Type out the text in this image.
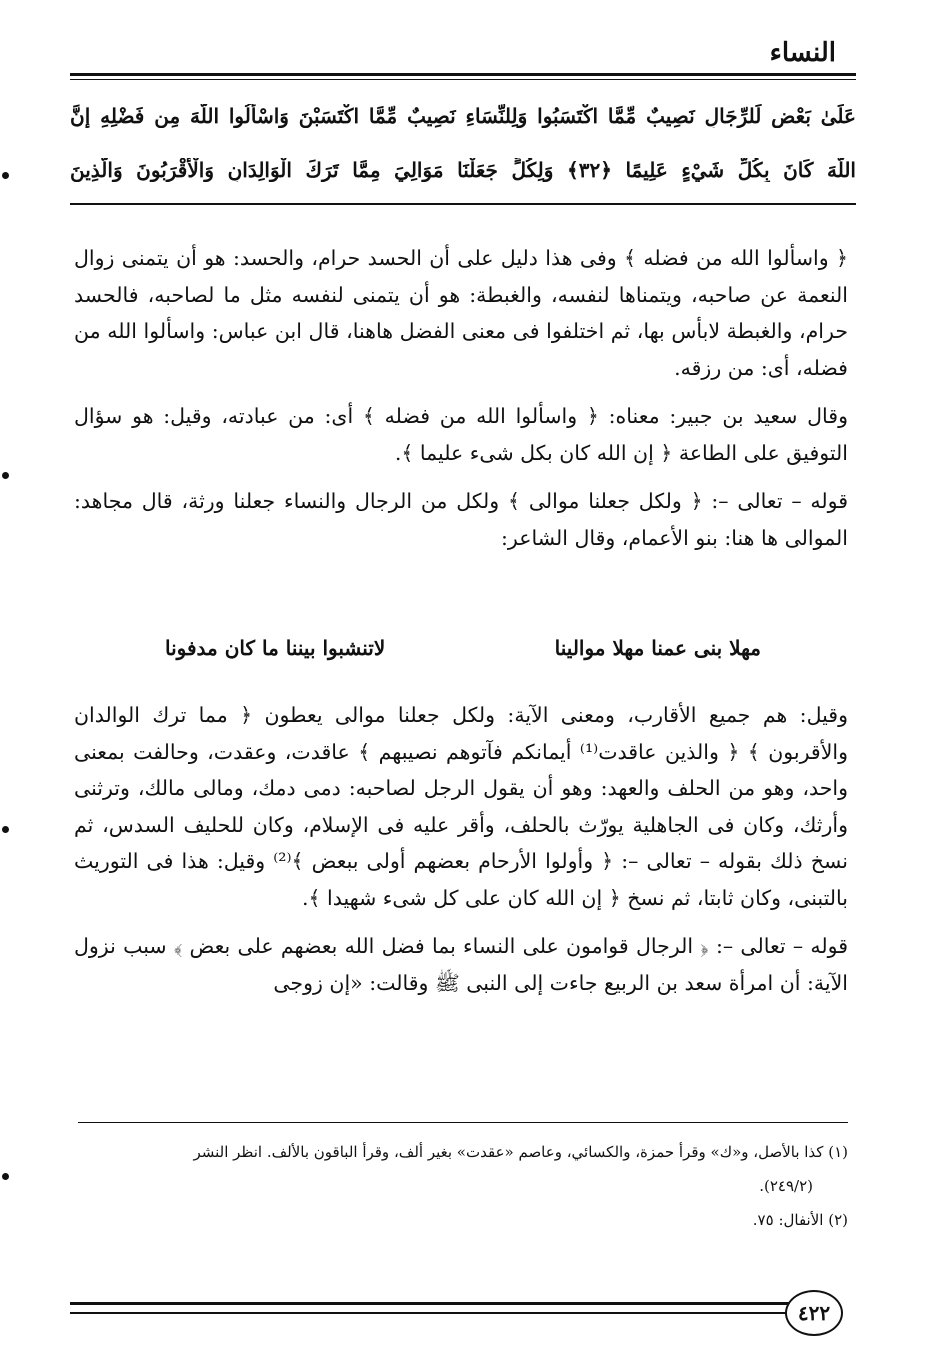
النساء
عَلَىٰ بَعْضٍ لِّلرِّجَالِ نَصِيبٌ مِّمَّا اكْتَسَبُوا وَلِلنِّسَاءِ نَصِيبٌ مِّمَّا اكْتَسَبْنَ وَاسْأَلُوا اللَّهَ مِن فَضْلِهِ إِنَّ
اللَّهَ كَانَ بِكُلِّ شَيْءٍ عَلِيمًا ﴿٣٢﴾ وَلِكُلٍّ جَعَلْنَا مَوَالِيَ مِمَّا تَرَكَ الْوَالِدَانِ وَالْأَقْرَبُونَ وَالَّذِينَ

﴿ واسألوا الله من فضله ﴾ وفى هذا دليل على أن الحسد حرام، والحسد: هو أن يتمنى زوال النعمة عن صاحبه، ويتمناها لنفسه، والغبطة: هو أن يتمنى لنفسه مثل ما لصاحبه، فالحسد حرام، والغبطة لابأس بها، ثم اختلفوا فى معنى الفضل هاهنا، قال ابن عباس: واسألوا الله من فضله، أى: من رزقه.

وقال سعيد بن جبير: معناه: ﴿ واسألوا الله من فضله ﴾ أى: من عبادته، وقيل: هو سؤال التوفيق على الطاعة ﴿ إن الله كان بكل شىء عليما ﴾.

قوله – تعالى –: ﴿ ولكل جعلنا موالى ﴾ ولكل من الرجال والنساء جعلنا ورثة، قال مجاهد: الموالى ها هنا: بنو الأعمام، وقال الشاعر:

مهلا بنى عمنا مهلا موالينا
لاتنشبوا بيننا ما كان مدفونا

وقيل: هم جميع الأقارب، ومعنى الآية: ولكل جعلنا موالى يعطون ﴿ مما ترك الوالدان والأقربون ﴾ ﴿ والذين عاقدت⁽¹⁾ أيمانكم فآتوهم نصيبهم ﴾ عاقدت، وعقدت، وحالفت بمعنى واحد، وهو من الحلف والعهد: وهو أن يقول الرجل لصاحبه: دمى دمك، ومالى مالك، وترثنى وأرثك، وكان فى الجاهلية يورّث بالحلف، وأقر عليه فى الإسلام، وكان للحليف السدس، ثم نسخ ذلك بقوله – تعالى –: ﴿ وأولوا الأرحام بعضهم أولى ببعض ﴾⁽²⁾ وقيل: هذا فى التوريث بالتبنى، وكان ثابتا، ثم نسخ ﴿ إن الله كان على كل شىء شهيدا ﴾.

قوله – تعالى –: ﴿ الرجال قوامون على النساء بما فضل الله بعضهم على بعض ﴾ سبب نزول الآية: أن امرأة سعد بن الربيع جاءت إلى النبى ﷺ وقالت: «إن زوجى

(١) كذا بالأصل، و«ك» وقرأ حمزة، والكسائي، وعاصم «عقدت» بغير ألف، وقرأ الباقون بالألف. انظر النشر

(٢٤٩/٢).

(٢) الأنفال: ٧٥.

٤٢٢
